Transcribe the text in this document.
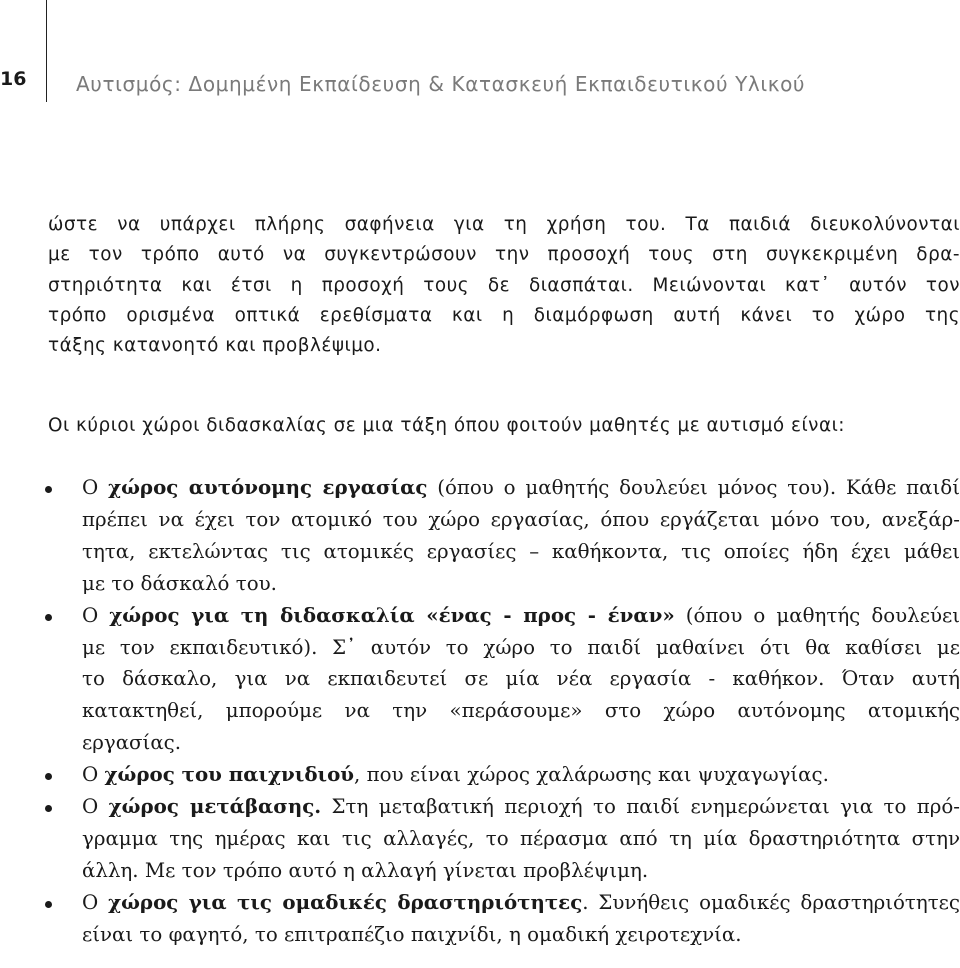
16 Αυτισμός: Δομημένη Εκπαίδευση & Κατασκευή Εκπαιδευτικού Υλικού

ώστε να υπάρχει πλήρης σαφήνεια για τη χρήση του. Τα παιδιά διευκολύνονται
με τον τρόπο αυτό να συγκεντρώσουν την προσοχή τους στη συγκεκριμένη δρα-
στηριότητα και έτσι η προσοχή τους δε διασπάται. Μειώνονται κατ᾽ αυτόν τον
τρόπο ορισμένα οπτικά ερεθίσματα και η διαμόρφωση αυτή κάνει το χώρο της
τάξης κατανοητό και προβλέψιμο.

Οι κύριοι χώροι διδασκαλίας σε μια τάξη όπου φοιτούν μαθητές με αυτισμό είναι:

Ο χώρος αυτόνομης εργασίας (όπου ο μαθητής δουλεύει μόνος του). Κάθε παιδί
πρέπει να έχει τον ατομικό του χώρο εργασίας, όπου εργάζεται μόνο του, ανεξάρ-
τητα, εκτελώντας τις ατομικές εργασίες – καθήκοντα, τις οποίες ήδη έχει μάθει
με το δάσκαλό του.
Ο χώρος για τη διδασκαλία «ένας - προς - έναν» (όπου ο μαθητής δουλεύει
με τον εκπαιδευτικό). Σ᾽ αυτόν το χώρο το παιδί μαθαίνει ότι θα καθίσει με
το δάσκαλο, για να εκπαιδευτεί σε μία νέα εργασία - καθήκον. Όταν αυτή
κατακτηθεί, μπορούμε να την «περάσουμε» στο χώρο αυτόνομης ατομικής
εργασίας.
Ο χώρος του παιχνιδιού, που είναι χώρος χαλάρωσης και ψυχαγωγίας.
Ο χώρος μετάβασης. Στη μεταβατική περιοχή το παιδί ενημερώνεται για το πρό-
γραμμα της ημέρας και τις αλλαγές, το πέρασμα από τη μία δραστηριότητα στην
άλλη. Με τον τρόπο αυτό η αλλαγή γίνεται προβλέψιμη.
Ο χώρος για τις ομαδικές δραστηριότητες. Συνήθεις ομαδικές δραστηριότητες
είναι το φαγητό, το επιτραπέζιο παιχνίδι, η ομαδική χειροτεχνία.
